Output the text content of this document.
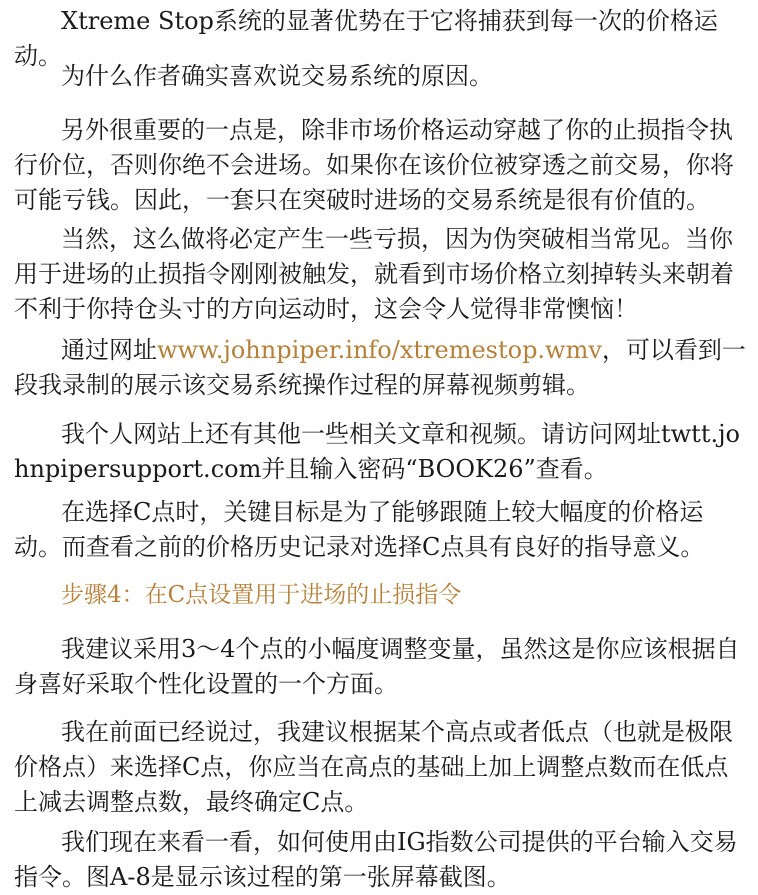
Xtreme Stop系统的显著优势在于它将捕获到每一次的价格运动。

为什么作者确实喜欢说交易系统的原因。

另外很重要的一点是，除非市场价格运动穿越了你的止损指令执行价位，否则你绝不会进场。如果你在该价位被穿透之前交易，你将可能亏钱。因此，一套只在突破时进场的交易系统是很有价值的。

当然，这么做将必定产生一些亏损，因为伪突破相当常见。当你用于进场的止损指令刚刚被触发，就看到市场价格立刻掉转头来朝着不利于你持仓头寸的方向运动时，这会令人觉得非常懊恼！

通过网址www.johnpiper.info/xtremestop.wmv，可以看到一段我录制的展示该交易系统操作过程的屏幕视频剪辑。

我个人网站上还有其他一些相关文章和视频。请访问网址twtt.johnpipersupport.com并且输入密码“BOOK26”查看。

在选择C点时，关键目标是为了能够跟随上较大幅度的价格运动。而查看之前的价格历史记录对选择C点具有良好的指导意义。

步骤4：在C点设置用于进场的止损指令

我建议采用3～4个点的小幅度调整变量，虽然这是你应该根据自身喜好采取个性化设置的一个方面。

我在前面已经说过，我建议根据某个高点或者低点（也就是极限价格点）来选择C点，你应当在高点的基础上加上调整点数而在低点上减去调整点数，最终确定C点。

我们现在来看一看，如何使用由IG指数公司提供的平台输入交易指令。图A-8是显示该过程的第一张屏幕截图。
